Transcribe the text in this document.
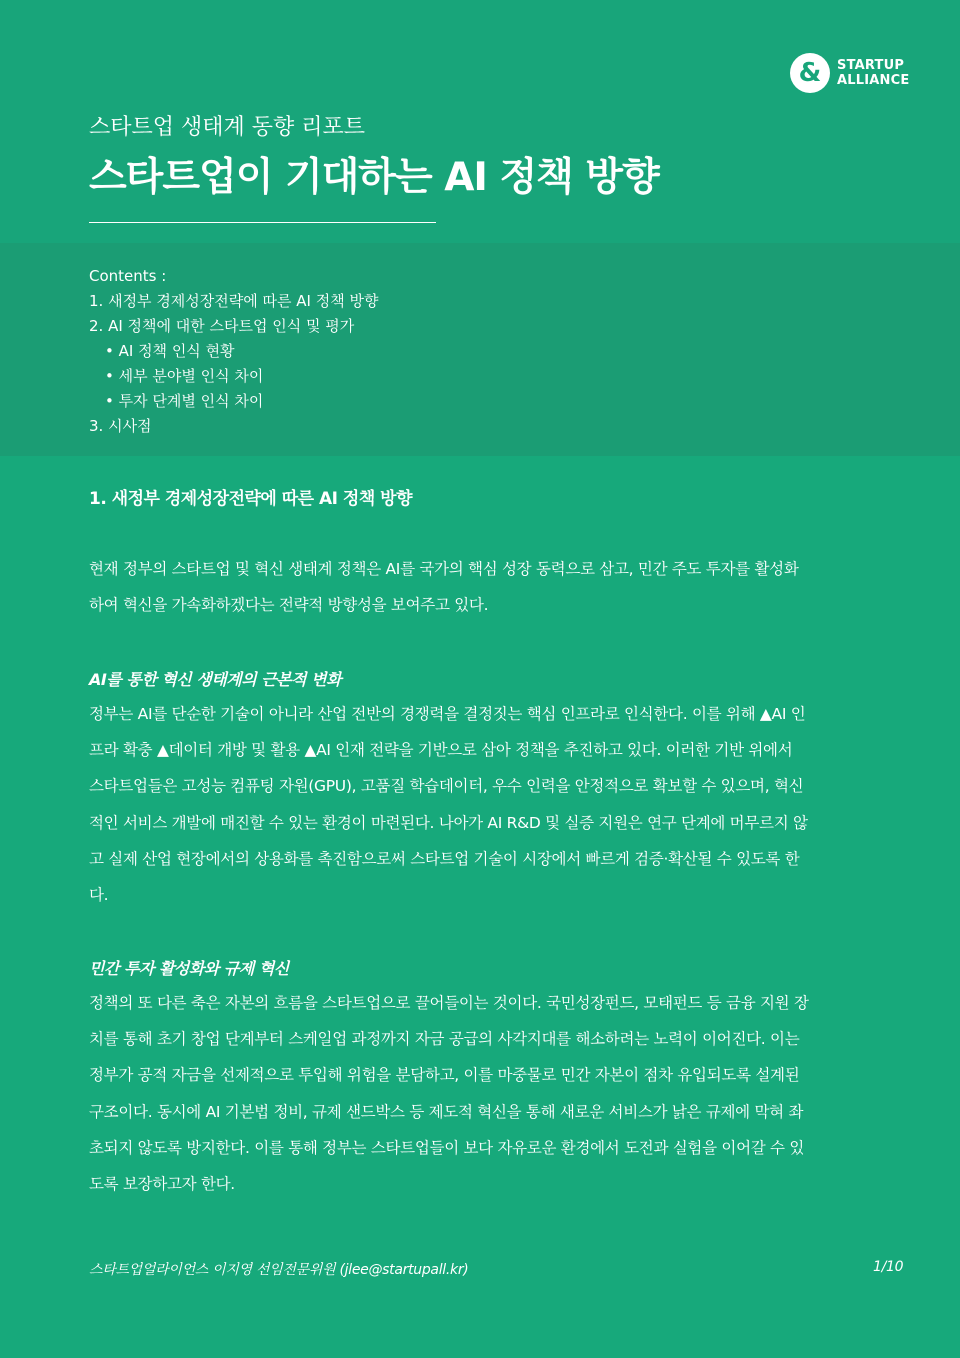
&	STARTUP
ALLIANCE
스타트업 생태계 동향 리포트
스타트업이 기대하는 AI 정책 방향
Contents :
1. 새정부 경제성장전략에 따른 AI 정책 방향
2. AI 정책에 대한 스타트업 인식 및 평가
• AI 정책 인식 현황
• 세부 분야별 인식 차이
• 투자 단계별 인식 차이
3. 시사점
1. 새정부 경제성장전략에 따른 AI 정책 방향
현재 정부의 스타트업 및 혁신 생태계 정책은 AI를 국가의 핵심 성장 동력으로 삼고, 민간 주도 투자를 활성화
하여 혁신을 가속화하겠다는 전략적 방향성을 보여주고 있다.
AI를 통한 혁신 생태계의 근본적 변화
정부는 AI를 단순한 기술이 아니라 산업 전반의 경쟁력을 결정짓는 핵심 인프라로 인식한다. 이를 위해 ▲AI 인
프라 확충 ▲데이터 개방 및 활용 ▲AI 인재 전략을 기반으로 삼아 정책을 추진하고 있다. 이러한 기반 위에서
스타트업들은 고성능 컴퓨팅 자원(GPU), 고품질 학습데이터, 우수 인력을 안정적으로 확보할 수 있으며, 혁신
적인 서비스 개발에 매진할 수 있는 환경이 마련된다. 나아가 AI R&D 및 실증 지원은 연구 단계에 머무르지 않
고 실제 산업 현장에서의 상용화를 촉진함으로써 스타트업 기술이 시장에서 빠르게 검증·확산될 수 있도록 한
다.
민간 투자 활성화와 규제 혁신
정책의 또 다른 축은 자본의 흐름을 스타트업으로 끌어들이는 것이다. 국민성장펀드, 모태펀드 등 금융 지원 장
치를 통해 초기 창업 단계부터 스케일업 과정까지 자금 공급의 사각지대를 해소하려는 노력이 이어진다. 이는
정부가 공적 자금을 선제적으로 투입해 위험을 분담하고, 이를 마중물로 민간 자본이 점차 유입되도록 설계된
구조이다. 동시에 AI 기본법 정비, 규제 샌드박스 등 제도적 혁신을 통해 새로운 서비스가 낡은 규제에 막혀 좌
초되지 않도록 방지한다. 이를 통해 정부는 스타트업들이 보다 자유로운 환경에서 도전과 실험을 이어갈 수 있
도록 보장하고자 한다.
스타트업얼라이언스 이지영 선임전문위원 (jlee@startupall.kr)	1/10
